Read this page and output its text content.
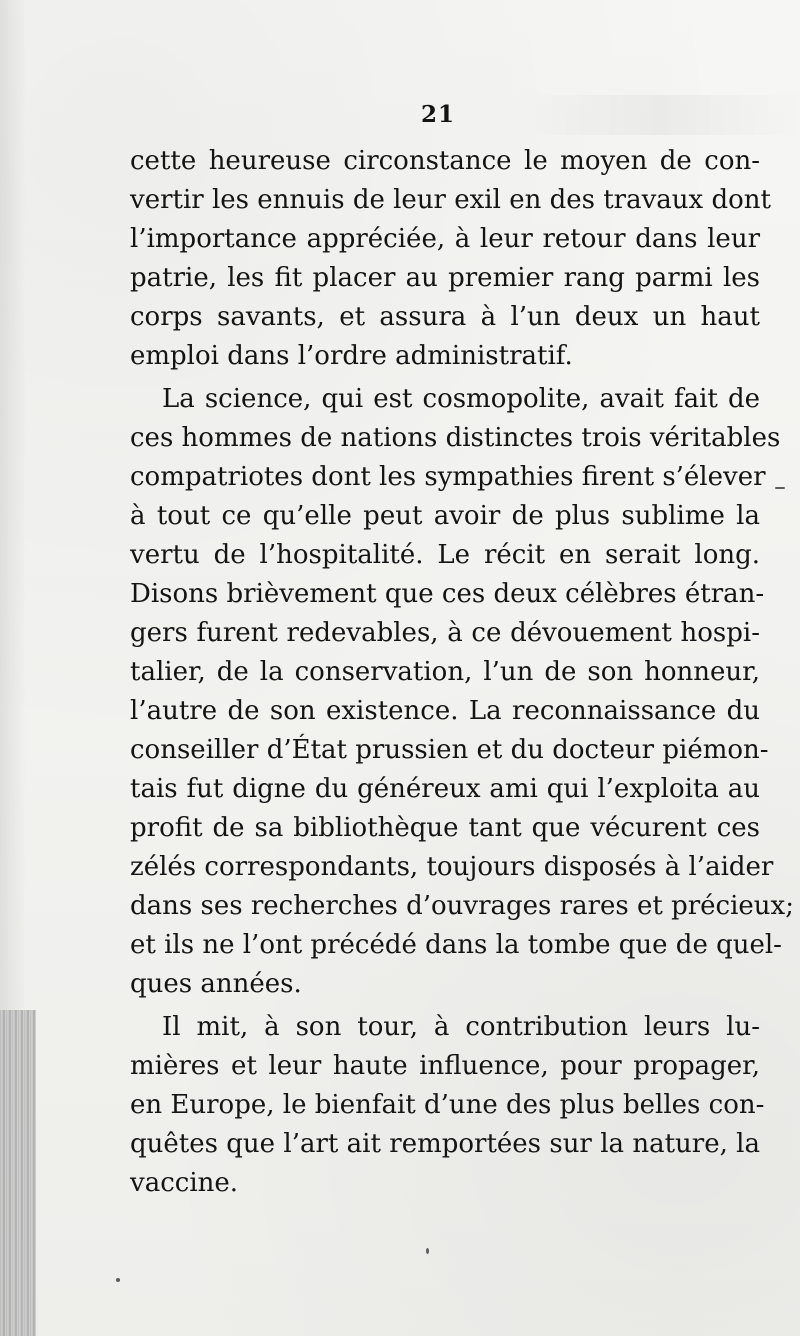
21
cette heureuse circonstance le moyen de con-
vertir les ennuis de leur exil en des travaux dont
l’importance appréciée, à leur retour dans leur
patrie, les fit placer au premier rang parmi les
corps savants, et assura à l’un deux un haut
emploi dans l’ordre administratif.
La science, qui est cosmopolite, avait fait de
ces hommes de nations distinctes trois véritables
compatriotes dont les sympathies firent s’élever
à tout ce qu’elle peut avoir de plus sublime la
vertu de l’hospitalité. Le récit en serait long.
Disons brièvement que ces deux célèbres étran-
gers furent redevables, à ce dévouement hospi-
talier, de la conservation, l’un de son honneur,
l’autre de son existence. La reconnaissance du
conseiller d’État prussien et du docteur piémon-
tais fut digne du généreux ami qui l’exploita au
profit de sa bibliothèque tant que vécurent ces
zélés correspondants, toujours disposés à l’aider
dans ses recherches d’ouvrages rares et précieux;
et ils ne l’ont précédé dans la tombe que de quel-
ques années.
Il mit, à son tour, à contribution leurs lu-
mières et leur haute influence, pour propager,
en Europe, le bienfait d’une des plus belles con-
quêtes que l’art ait remportées sur la nature, la
vaccine.
